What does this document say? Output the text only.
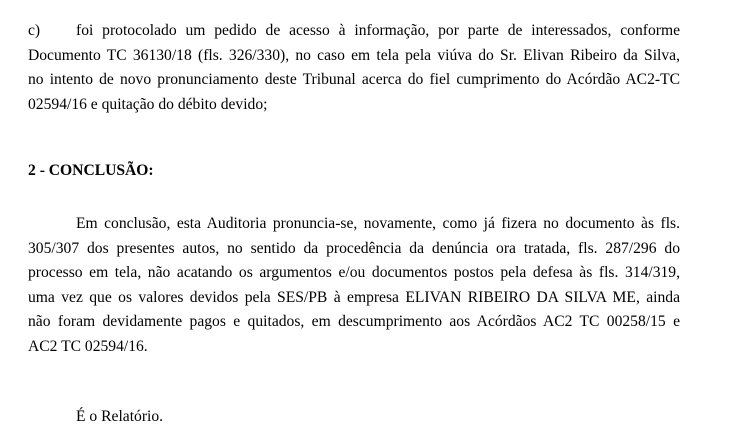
c)	foi protocolado um pedido de acesso à informação, por parte de interessados, conforme
Documento TC 36130/18 (fls. 326/330), no caso em tela pela viúva do Sr. Elivan Ribeiro da Silva,
no intento de novo pronunciamento deste Tribunal acerca do fiel cumprimento do Acórdão AC2-TC
02594/16 e quitação do débito devido;

2 - CONCLUSÃO:

Em conclusão, esta Auditoria pronuncia-se, novamente, como já fizera no documento às fls.
305/307 dos presentes autos, no sentido da procedência da denúncia ora tratada, fls. 287/296 do
processo em tela, não acatando os argumentos e/ou documentos postos pela defesa às fls. 314/319,
uma vez que os valores devidos pela SES/PB à empresa ELIVAN RIBEIRO DA SILVA ME, ainda
não foram devidamente pagos e quitados, em descumprimento aos Acórdãos AC2 TC 00258/15 e
AC2 TC 02594/16.

É o Relatório.
